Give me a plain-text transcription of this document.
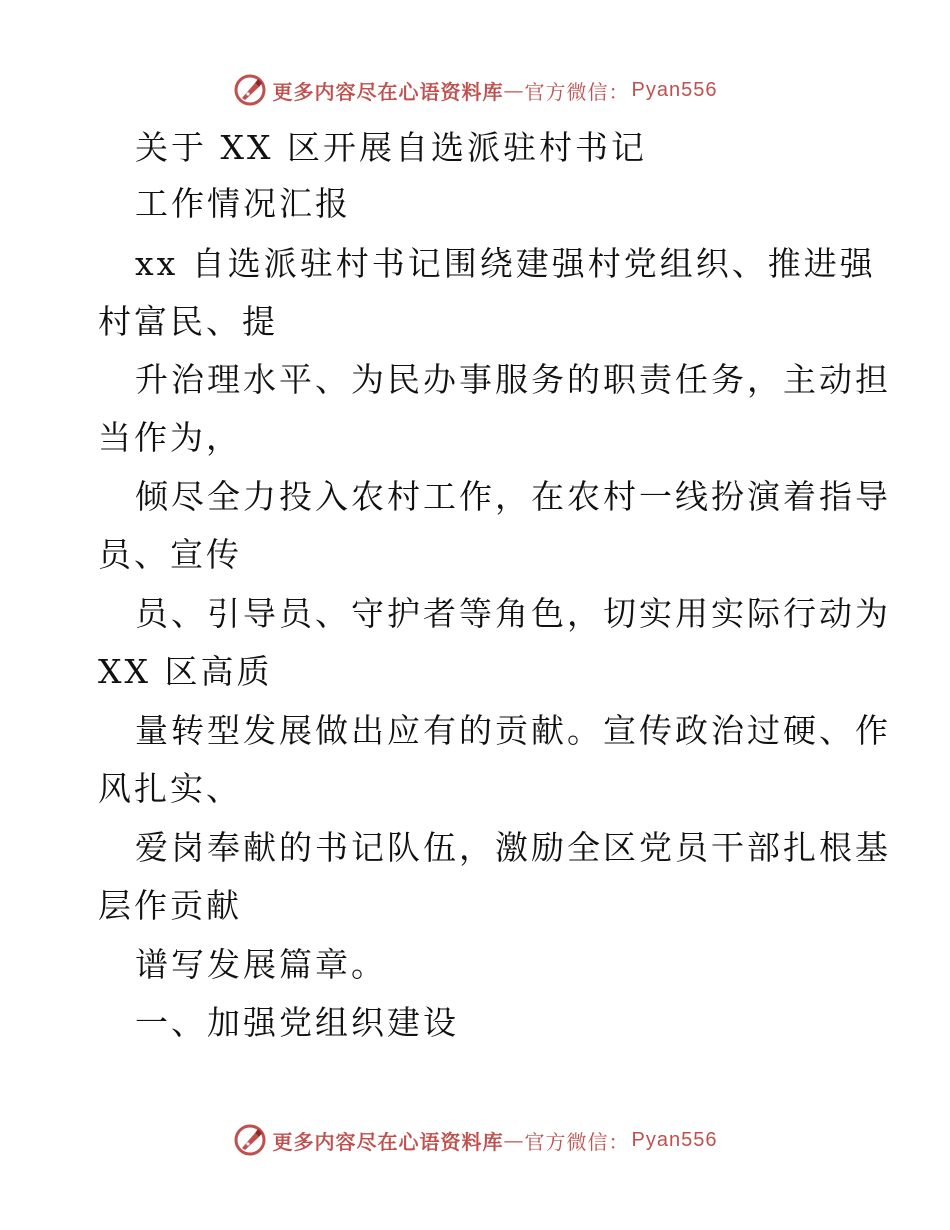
更多内容尽在心语资料库 — 官方微信： Pyan556
关于 XX 区开展自选派驻村书记
工作情况汇报
xx 自选派驻村书记围绕建强村党组织、推进强
村富民、提
升治理水平、为民办事服务的职责任务，主动担
当作为，
倾尽全力投入农村工作，在农村一线扮演着指导
员、宣传
员、引导员、守护者等角色，切实用实际行动为
XX 区高质
量转型发展做出应有的贡献。宣传政治过硬、作
风扎实、
爱岗奉献的书记队伍，激励全区党员干部扎根基
层作贡献
谱写发展篇章。
一、加强党组织建设
更多内容尽在心语资料库 — 官方微信： Pyan556
